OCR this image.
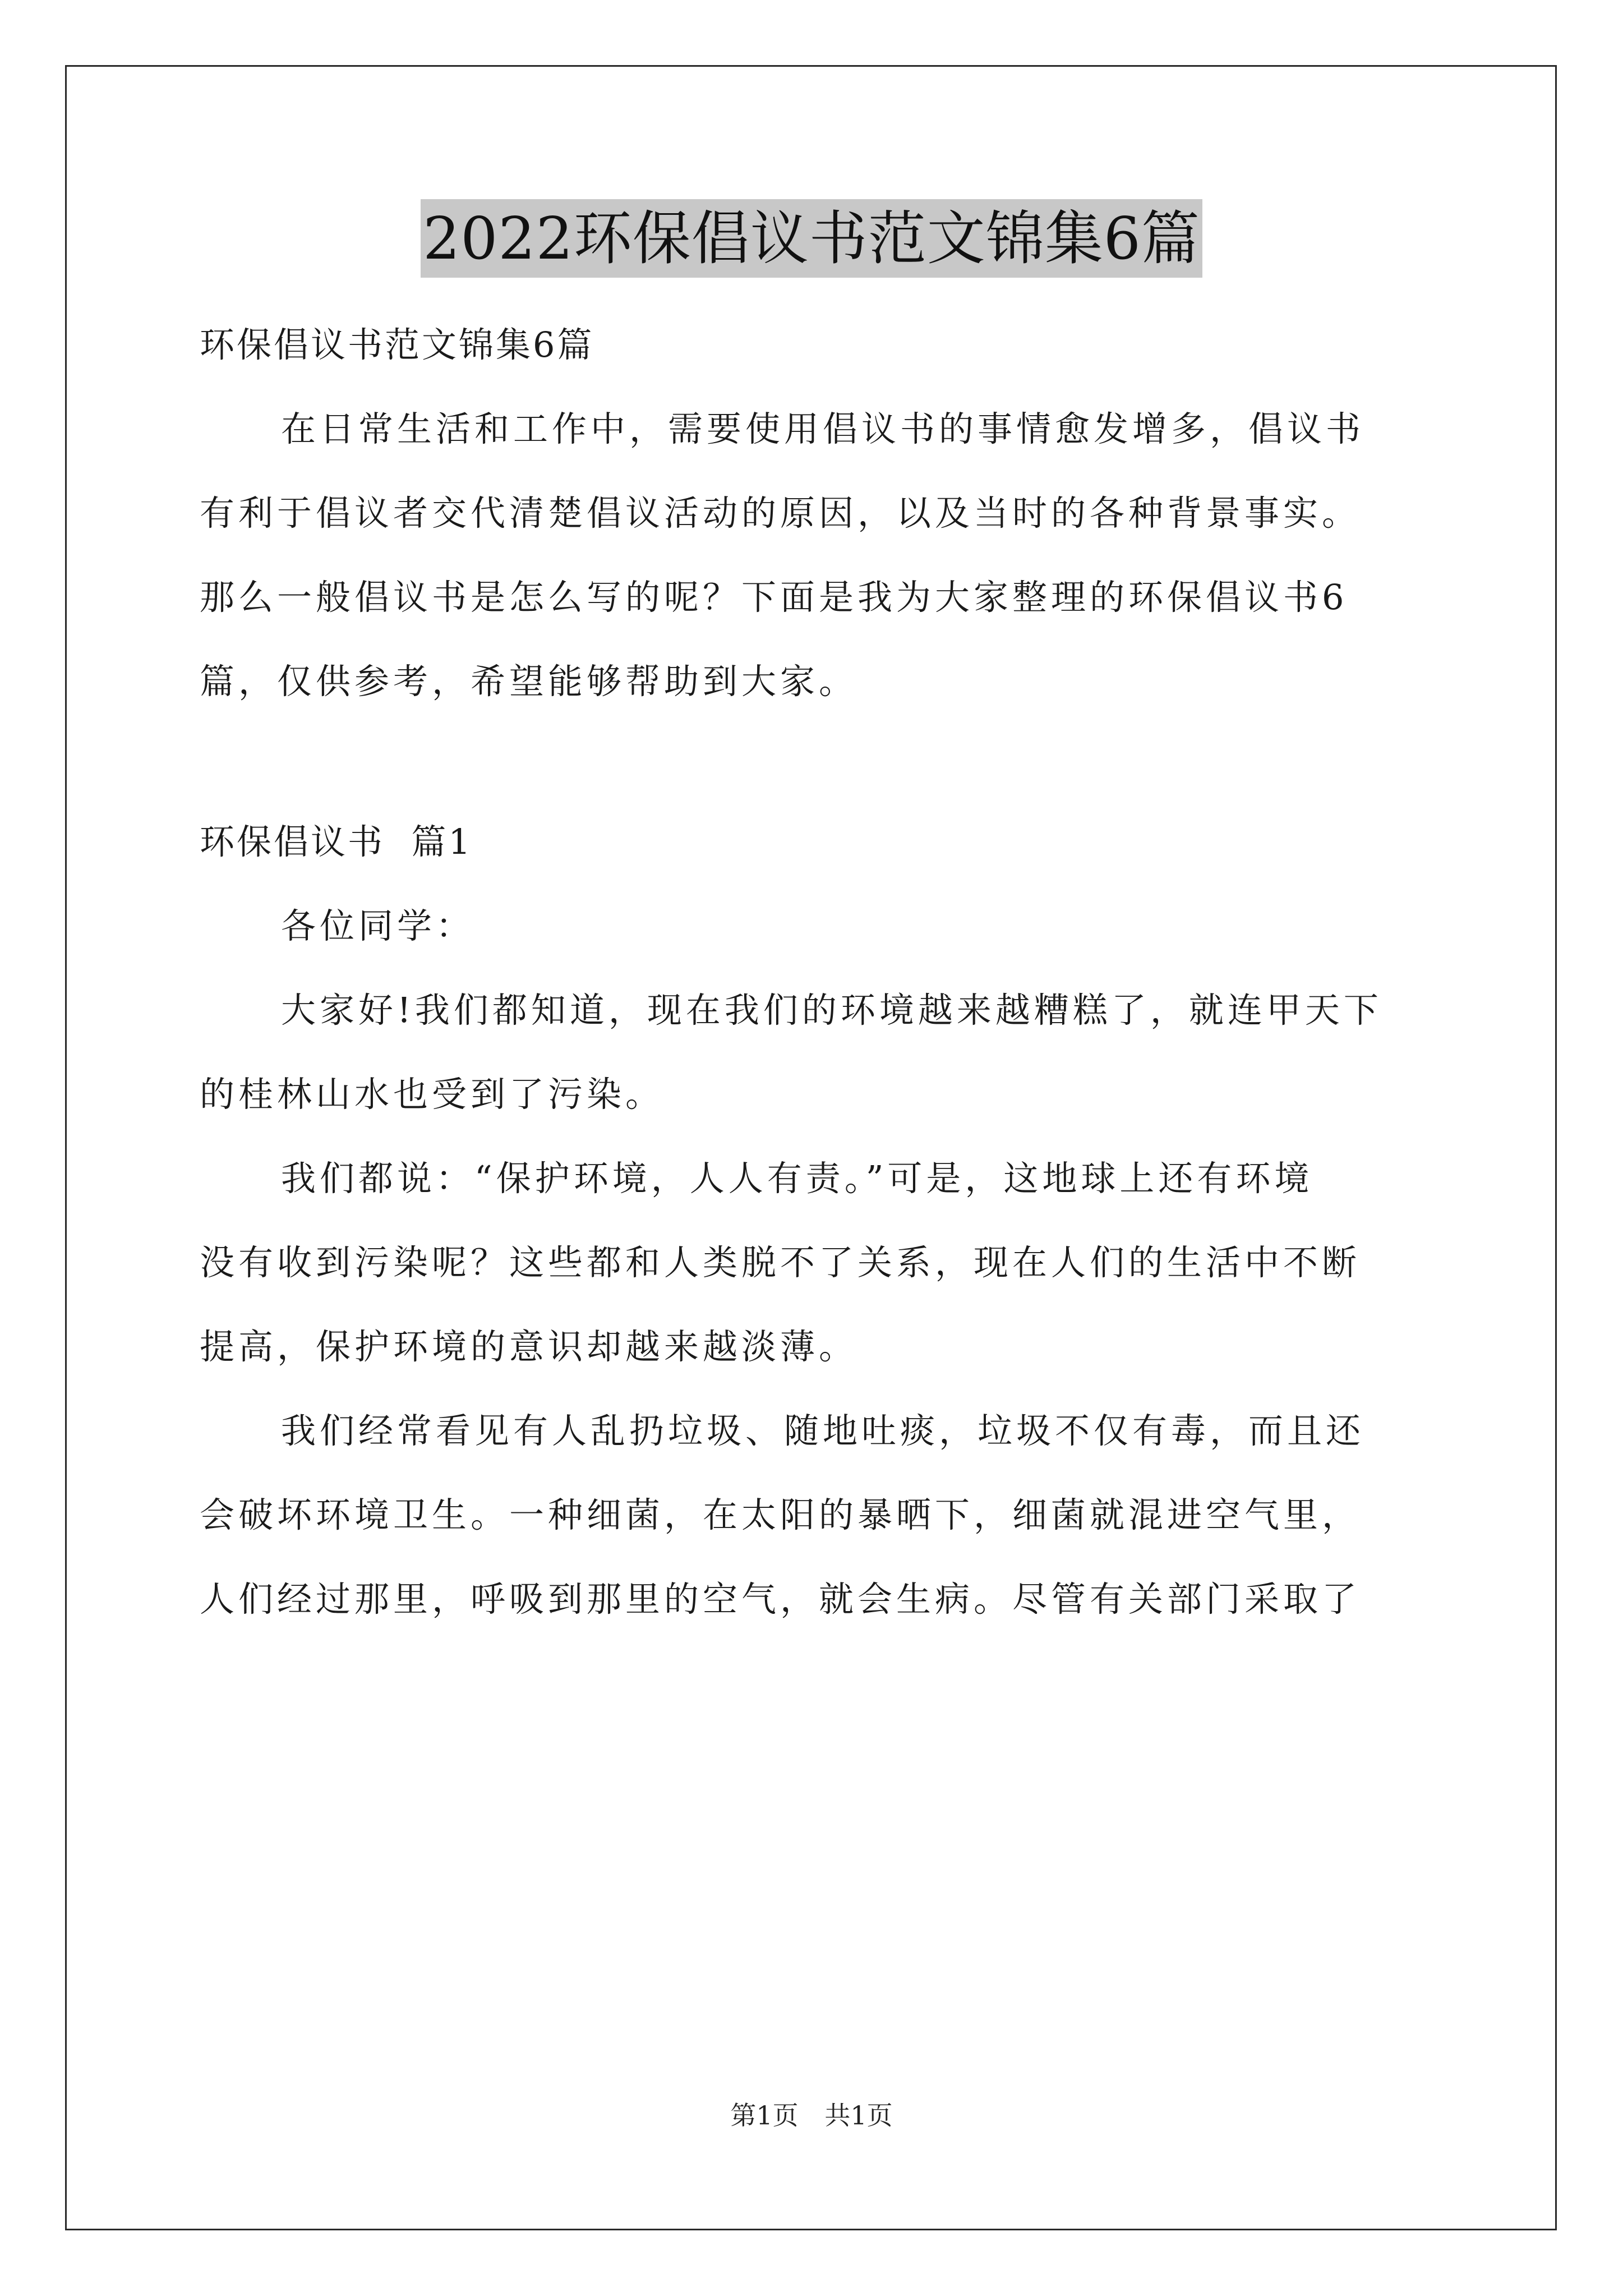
2022环保倡议书范文锦集6篇
环保倡议书范文锦集6篇
在日常生活和工作中，需要使用倡议书的事情愈发增多，倡议书
有利于倡议者交代清楚倡议活动的原因，以及当时的各种背景事实。
那么一般倡议书是怎么写的呢？下面是我为大家整理的环保倡议书6
篇，仅供参考，希望能够帮助到大家。
环保倡议书  篇1
各位同学：
大家好!我们都知道，现在我们的环境越来越糟糕了，就连甲天下
的桂林山水也受到了污染。
我们都说：“保护环境，人人有责。”可是，这地球上还有环境
没有收到污染呢？这些都和人类脱不了关系，现在人们的生活中不断
提高，保护环境的意识却越来越淡薄。
我们经常看见有人乱扔垃圾、随地吐痰，垃圾不仅有毒，而且还
会破坏环境卫生。一种细菌，在太阳的暴晒下，细菌就混进空气里，
人们经过那里，呼吸到那里的空气，就会生病。尽管有关部门采取了
第1页 共1页
